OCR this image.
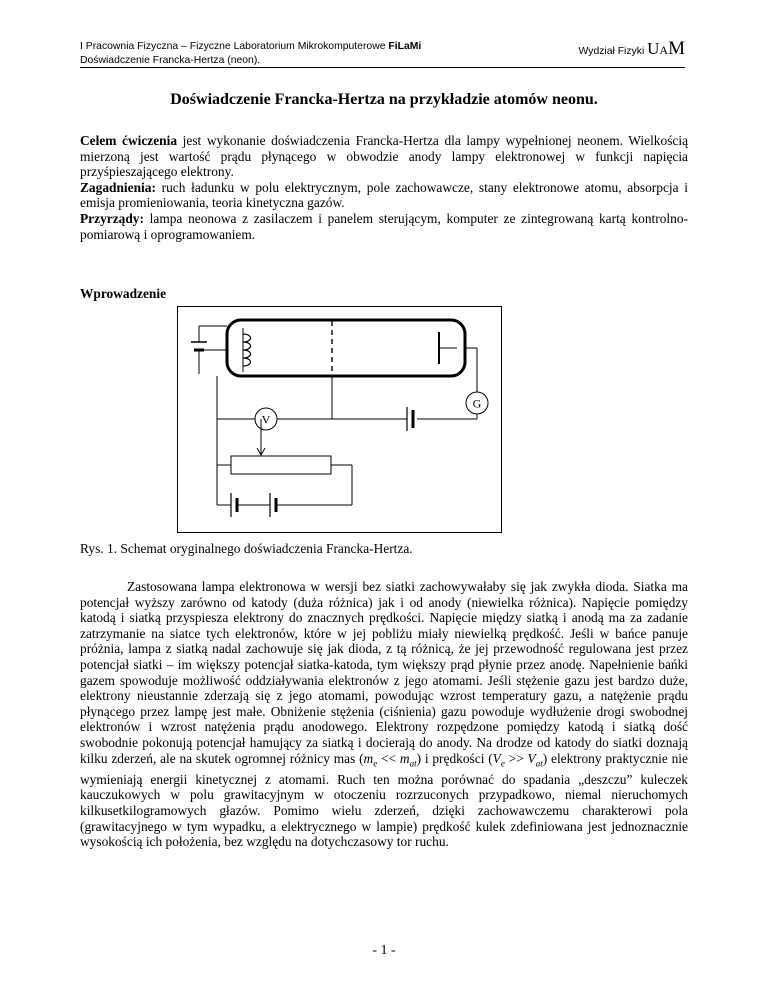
I Pracownia Fizyczna – Fizyczne Laboratorium Mikrokomputerowe FiLaMi
Doświadczenie Francka-Hertza (neon).
Wydział Fizyki UAM
Doświadczenie Francka-Hertza na przykładzie atomów neonu.

Celem ćwiczenia jest wykonanie doświadczenia Francka-Hertza dla lampy wypełnionej neonem. Wielkością mierzoną jest wartość prądu płynącego w obwodzie anody lampy elektronowej w funkcji napięcia przyśpieszającego elektrony.

Zagadnienia: ruch ładunku w polu elektrycznym, pole zachowawcze, stany elektronowe atomu, absorpcja i emisja promieniowania, teoria kinetyczna gazów.

Przyrządy: lampa neonowa z zasilaczem i panelem sterującym, komputer ze zintegrowaną kartą kontrolno-pomiarową i oprogramowaniem.

Wprowadzenie
G
V
Rys. 1. Schemat oryginalnego doświadczenia Francka-Hertza.

Zastosowana lampa elektronowa w wersji bez siatki zachowywałaby się jak zwykła dioda. Siatka ma potencjał wyższy zarówno od katody (duża różnica) jak i od anody (niewielka różnica). Napięcie pomiędzy katodą i siatką przyspiesza elektrony do znacznych prędkości. Napięcie między siatką i anodą ma za zadanie zatrzymanie na siatce tych elektronów, które w jej pobliżu miały niewielką prędkość. Jeśli w bańce panuje próżnia, lampa z siatką nadal zachowuje się jak dioda, z tą różnicą, że jej przewodność regulowana jest przez potencjał siatki – im większy potencjał siatka-katoda, tym większy prąd płynie przez anodę. Napełnienie bańki gazem spowoduje możliwość oddziaływania elektronów z jego atomami. Jeśli stężenie gazu jest bardzo duże, elektrony nieustannie zderzają się z jego atomami, powodując wzrost temperatury gazu, a natężenie prądu płynącego przez lampę jest małe. Obniżenie stężenia (ciśnienia) gazu powoduje wydłużenie drogi swobodnej elektronów i wzrost natężenia prądu anodowego. Elektrony rozpędzone pomiędzy katodą i siatką dość swobodnie pokonują potencjał hamujący za siatką i docierają do anody. Na drodze od katody do siatki doznają kilku zderzeń, ale na skutek ogromnej różnicy mas $(m_e << m_{at})$ i prędkości $(V_e >> V_{at})$ elektrony praktycznie nie wymieniają energii kinetycznej z atomami. Ruch ten można porównać do spadania „deszczu” kuleczek kauczukowych w polu grawitacyjnym w otoczeniu rozrzuconych przypadkowo, niemal nieruchomych kilkusetkilogramowych głazów. Pomimo wielu zderzeń, dzięki zachowawczemu charakterowi pola (grawitacyjnego w tym wypadku, a elektrycznego w lampie) prędkość kulek zdefiniowana jest jednoznacznie wysokością ich położenia, bez względu na dotychczasowy tor ruchu.

- 1 -
